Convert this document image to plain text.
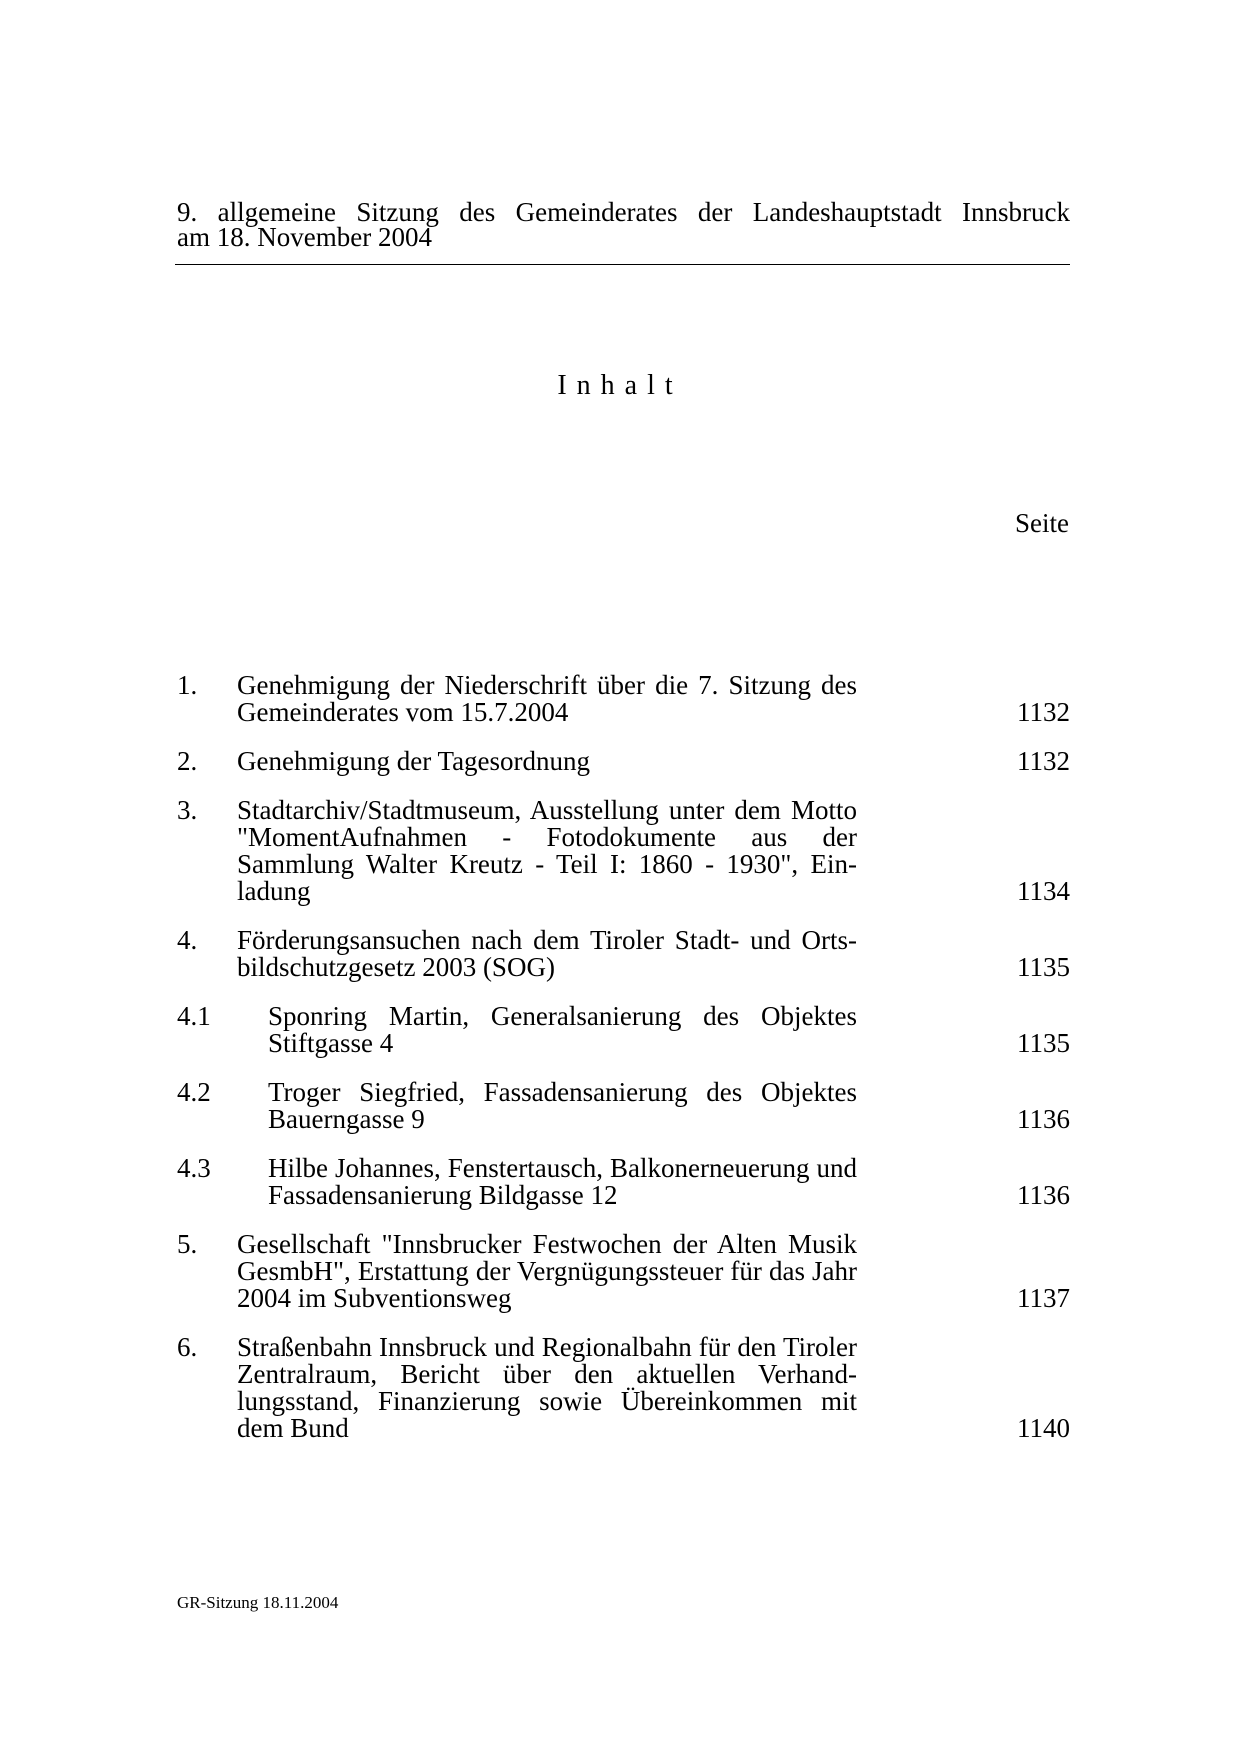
9. allgemeine Sitzung des Gemeinderates der Landeshauptstadt Innsbruck
am 18. November 2004
Inhalt
Seite
1. Genehmigung der Niederschrift über die 7. Sitzung des Gemeinderates vom 15.7.2004	1132
2. Genehmigung der Tagesordnung	1132
3. Stadtarchiv/Stadtmuseum, Ausstellung unter dem Motto "MomentAufnahmen - Fotodokumente aus der Sammlung Walter Kreutz - Teil I: 1860 - 1930", Einladung	1134
4. Förderungsansuchen nach dem Tiroler Stadt- und Ortsbildschutzgesetz 2003 (SOG)	1135
4.1 Sponring Martin, Generalsanierung des Objektes Stiftgasse 4	1135
4.2 Troger Siegfried, Fassadensanierung des Objektes Bauerngasse 9	1136
4.3 Hilbe Johannes, Fenstertausch, Balkonerneuerung und Fassadensanierung Bildgasse 12	1136
5. Gesellschaft "Innsbrucker Festwochen der Alten Musik GesmbH", Erstattung der Vergnügungssteuer für das Jahr 2004 im Subventionsweg	1137
6. Straßenbahn Innsbruck und Regionalbahn für den Tiroler Zentralraum, Bericht über den aktuellen Verhandlungsstand, Finanzierung sowie Übereinkommen mit dem Bund	1140
GR-Sitzung 18.11.2004
